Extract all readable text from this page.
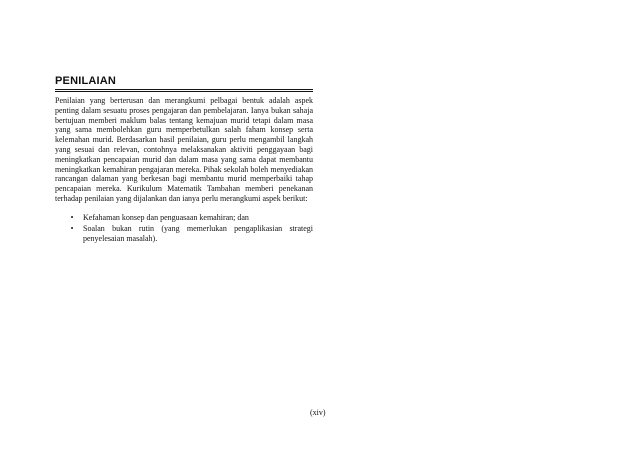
PENILAIAN

Penilaian yang berterusan dan merangkumi pelbagai bentuk adalah aspek penting dalam sesuatu proses pengajaran dan pembelajaran. Ianya bukan sahaja bertujuan memberi maklum balas tentang kemajuan murid tetapi dalam masa yang sama membolehkan guru memperbetulkan salah faham konsep serta kelemahan murid. Berdasarkan hasil penilaian, guru perlu mengambil langkah yang sesuai dan relevan, contohnya melaksanakan aktiviti penggayaan bagi meningkatkan pencapaian murid dan dalam masa yang sama dapat membantu meningkatkan kemahiran pengajaran mereka. Pihak sekolah boleh menyediakan rancangan dalaman yang berkesan bagi membantu murid memperbaiki tahap pencapaian mereka. Kurikulum Matematik Tambahan memberi penekanan terhadap penilaian yang dijalankan dan ianya perlu merangkumi aspek berikut:

•	Kefahaman konsep dan penguasaan kemahiran; dan
•	Soalan bukan rutin (yang memerlukan pengaplikasian strategi penyelesaian masalah).

(xiv)
